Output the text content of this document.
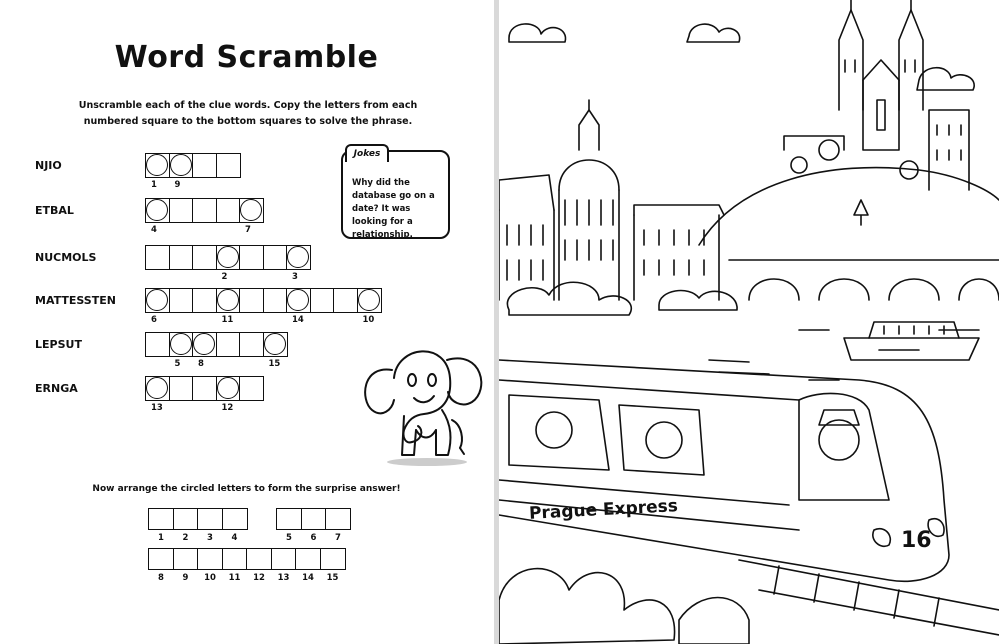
Word Scramble
Unscramble each of the clue words. Copy the letters from each numbered square to the bottom squares to solve the phrase.
NJIO
1 9
ETBAL
4	7
NUCMOLS
2	3
MATTESSTEN
6	11	14	10
LEPSUT
5 8	15
ERNGA
13	12
Jokes
Why did the database go on a date? It was looking for a relationship.
Now arrange the circled letters to form the surprise answer!
1	2	3	4	5	6	7
8	9	10	11	12	13	14	15
Prague Express
16
